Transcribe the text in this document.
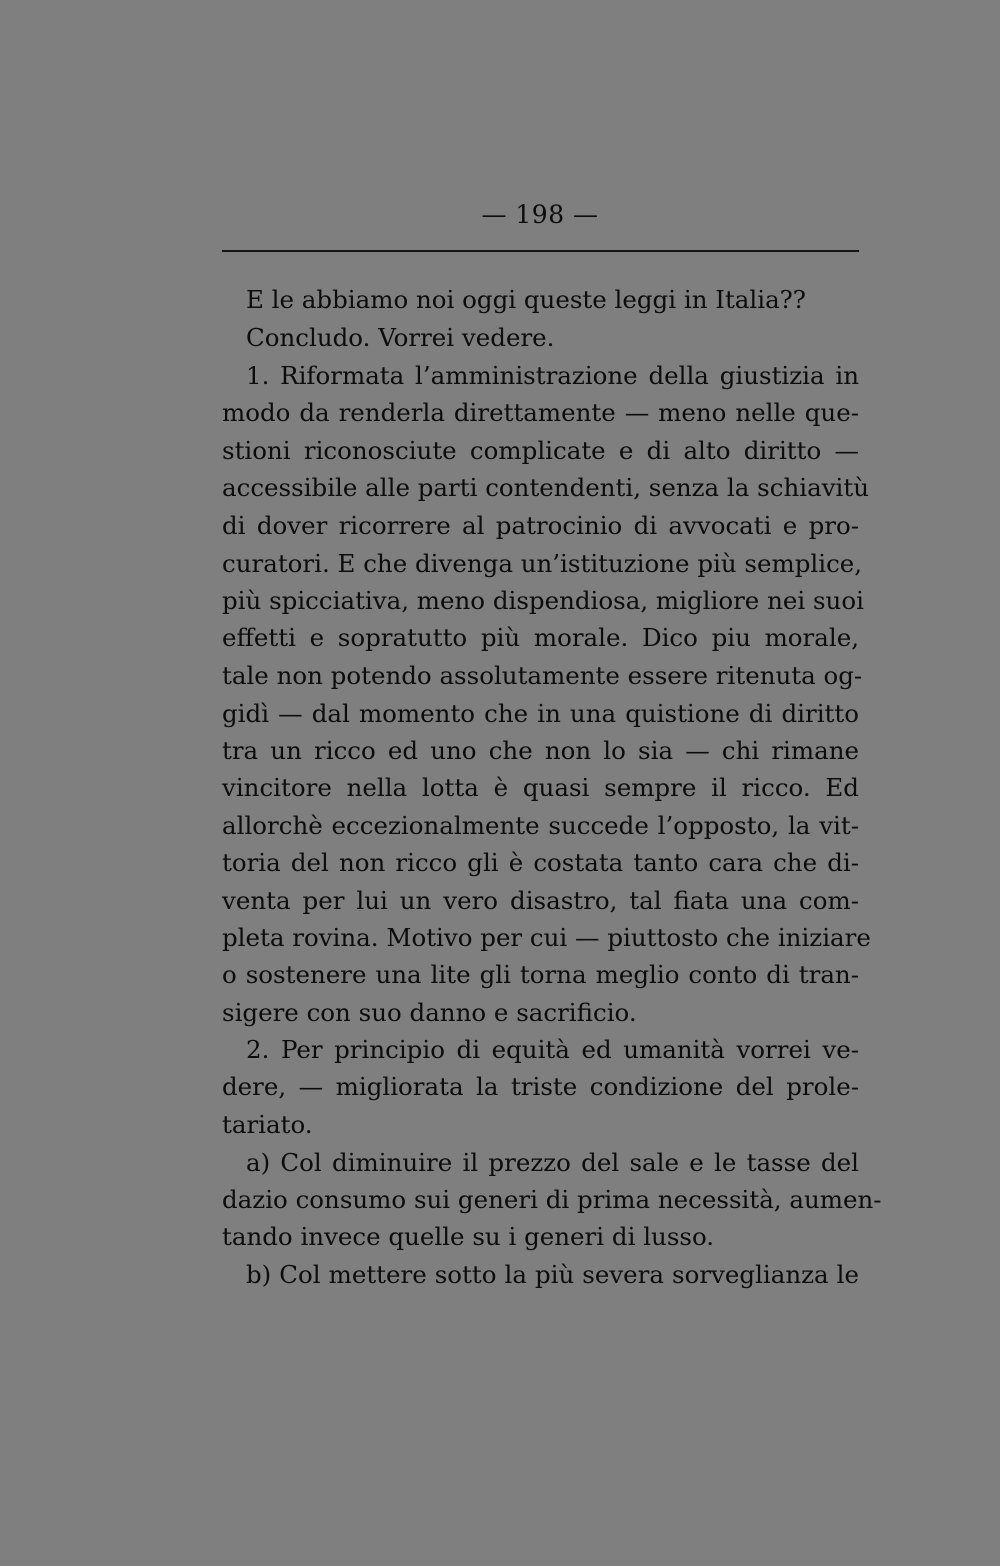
— 198 —
E le abbiamo noi oggi queste leggi in Italia??
Concludo. Vorrei vedere.
1. Riformata l’amministrazione della giustizia in
modo da renderla direttamente — meno nelle que-
stioni riconosciute complicate e di alto diritto —
accessibile alle parti contendenti, senza la schiavitù
di dover ricorrere al patrocinio di avvocati e pro-
curatori. E che divenga un’istituzione più semplice,
più spicciativa, meno dispendiosa, migliore nei suoi
effetti e sopratutto più morale. Dico piu morale,
tale non potendo assolutamente essere ritenuta og-
gidì — dal momento che in una quistione di diritto
tra un ricco ed uno che non lo sia — chi rimane
vincitore nella lotta è quasi sempre il ricco. Ed
allorchè eccezionalmente succede l’opposto, la vit-
toria del non ricco gli è costata tanto cara che di-
venta per lui un vero disastro, tal fiata una com-
pleta rovina. Motivo per cui — piuttosto che iniziare
o sostenere una lite gli torna meglio conto di tran-
sigere con suo danno e sacrificio.
2. Per principio di equità ed umanità vorrei ve-
dere, — migliorata la triste condizione del prole-
tariato.
a) Col diminuire il prezzo del sale e le tasse del
dazio consumo sui generi di prima necessità, aumen-
tando invece quelle su i generi di lusso.
b) Col mettere sotto la più severa sorveglianza le
